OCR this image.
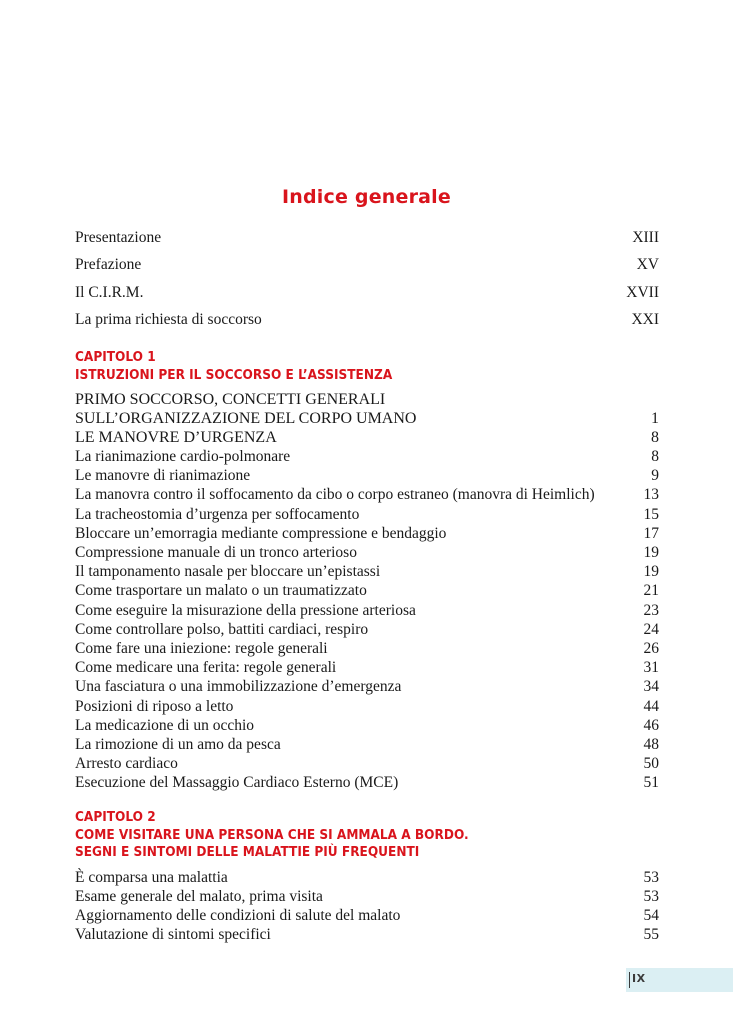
Indice generale
Presentazione	XIII
Prefazione	XV
Il C.I.R.M.	XVII
La prima richiesta di soccorso	XXI
CAPITOLO 1
ISTRUZIONI PER IL SOCCORSO E L’ASSISTENZA
PRIMO SOCCORSO, CONCETTI GENERALI
SULL’ORGANIZZAZIONE DEL CORPO UMANO	1
LE MANOVRE D’URGENZA	8
La rianimazione cardio-polmonare	8
Le manovre di rianimazione	9
La manovra contro il soffocamento da cibo o corpo estraneo (manovra di Heimlich)	13
La tracheostomia d’urgenza per soffocamento	15
Bloccare un’emorragia mediante compressione e bendaggio	17
Compressione manuale di un tronco arterioso	19
Il tamponamento nasale per bloccare un’epistassi	19
Come trasportare un malato o un traumatizzato	21
Come eseguire la misurazione della pressione arteriosa	23
Come controllare polso, battiti cardiaci, respiro	24
Come fare una iniezione: regole generali	26
Come medicare una ferita: regole generali	31
Una fasciatura o una immobilizzazione d’emergenza	34
Posizioni di riposo a letto	44
La medicazione di un occhio	46
La rimozione di un amo da pesca	48
Arresto cardiaco	50
Esecuzione del Massaggio Cardiaco Esterno (MCE)	51
CAPITOLO 2
COME VISITARE UNA PERSONA CHE SI AMMALA A BORDO.
SEGNI E SINTOMI DELLE MALATTIE PIÙ FREQUENTI
È comparsa una malattia	53
Esame generale del malato, prima visita	53
Aggiornamento delle condizioni di salute del malato	54
Valutazione di sintomi specifici	55
IX
